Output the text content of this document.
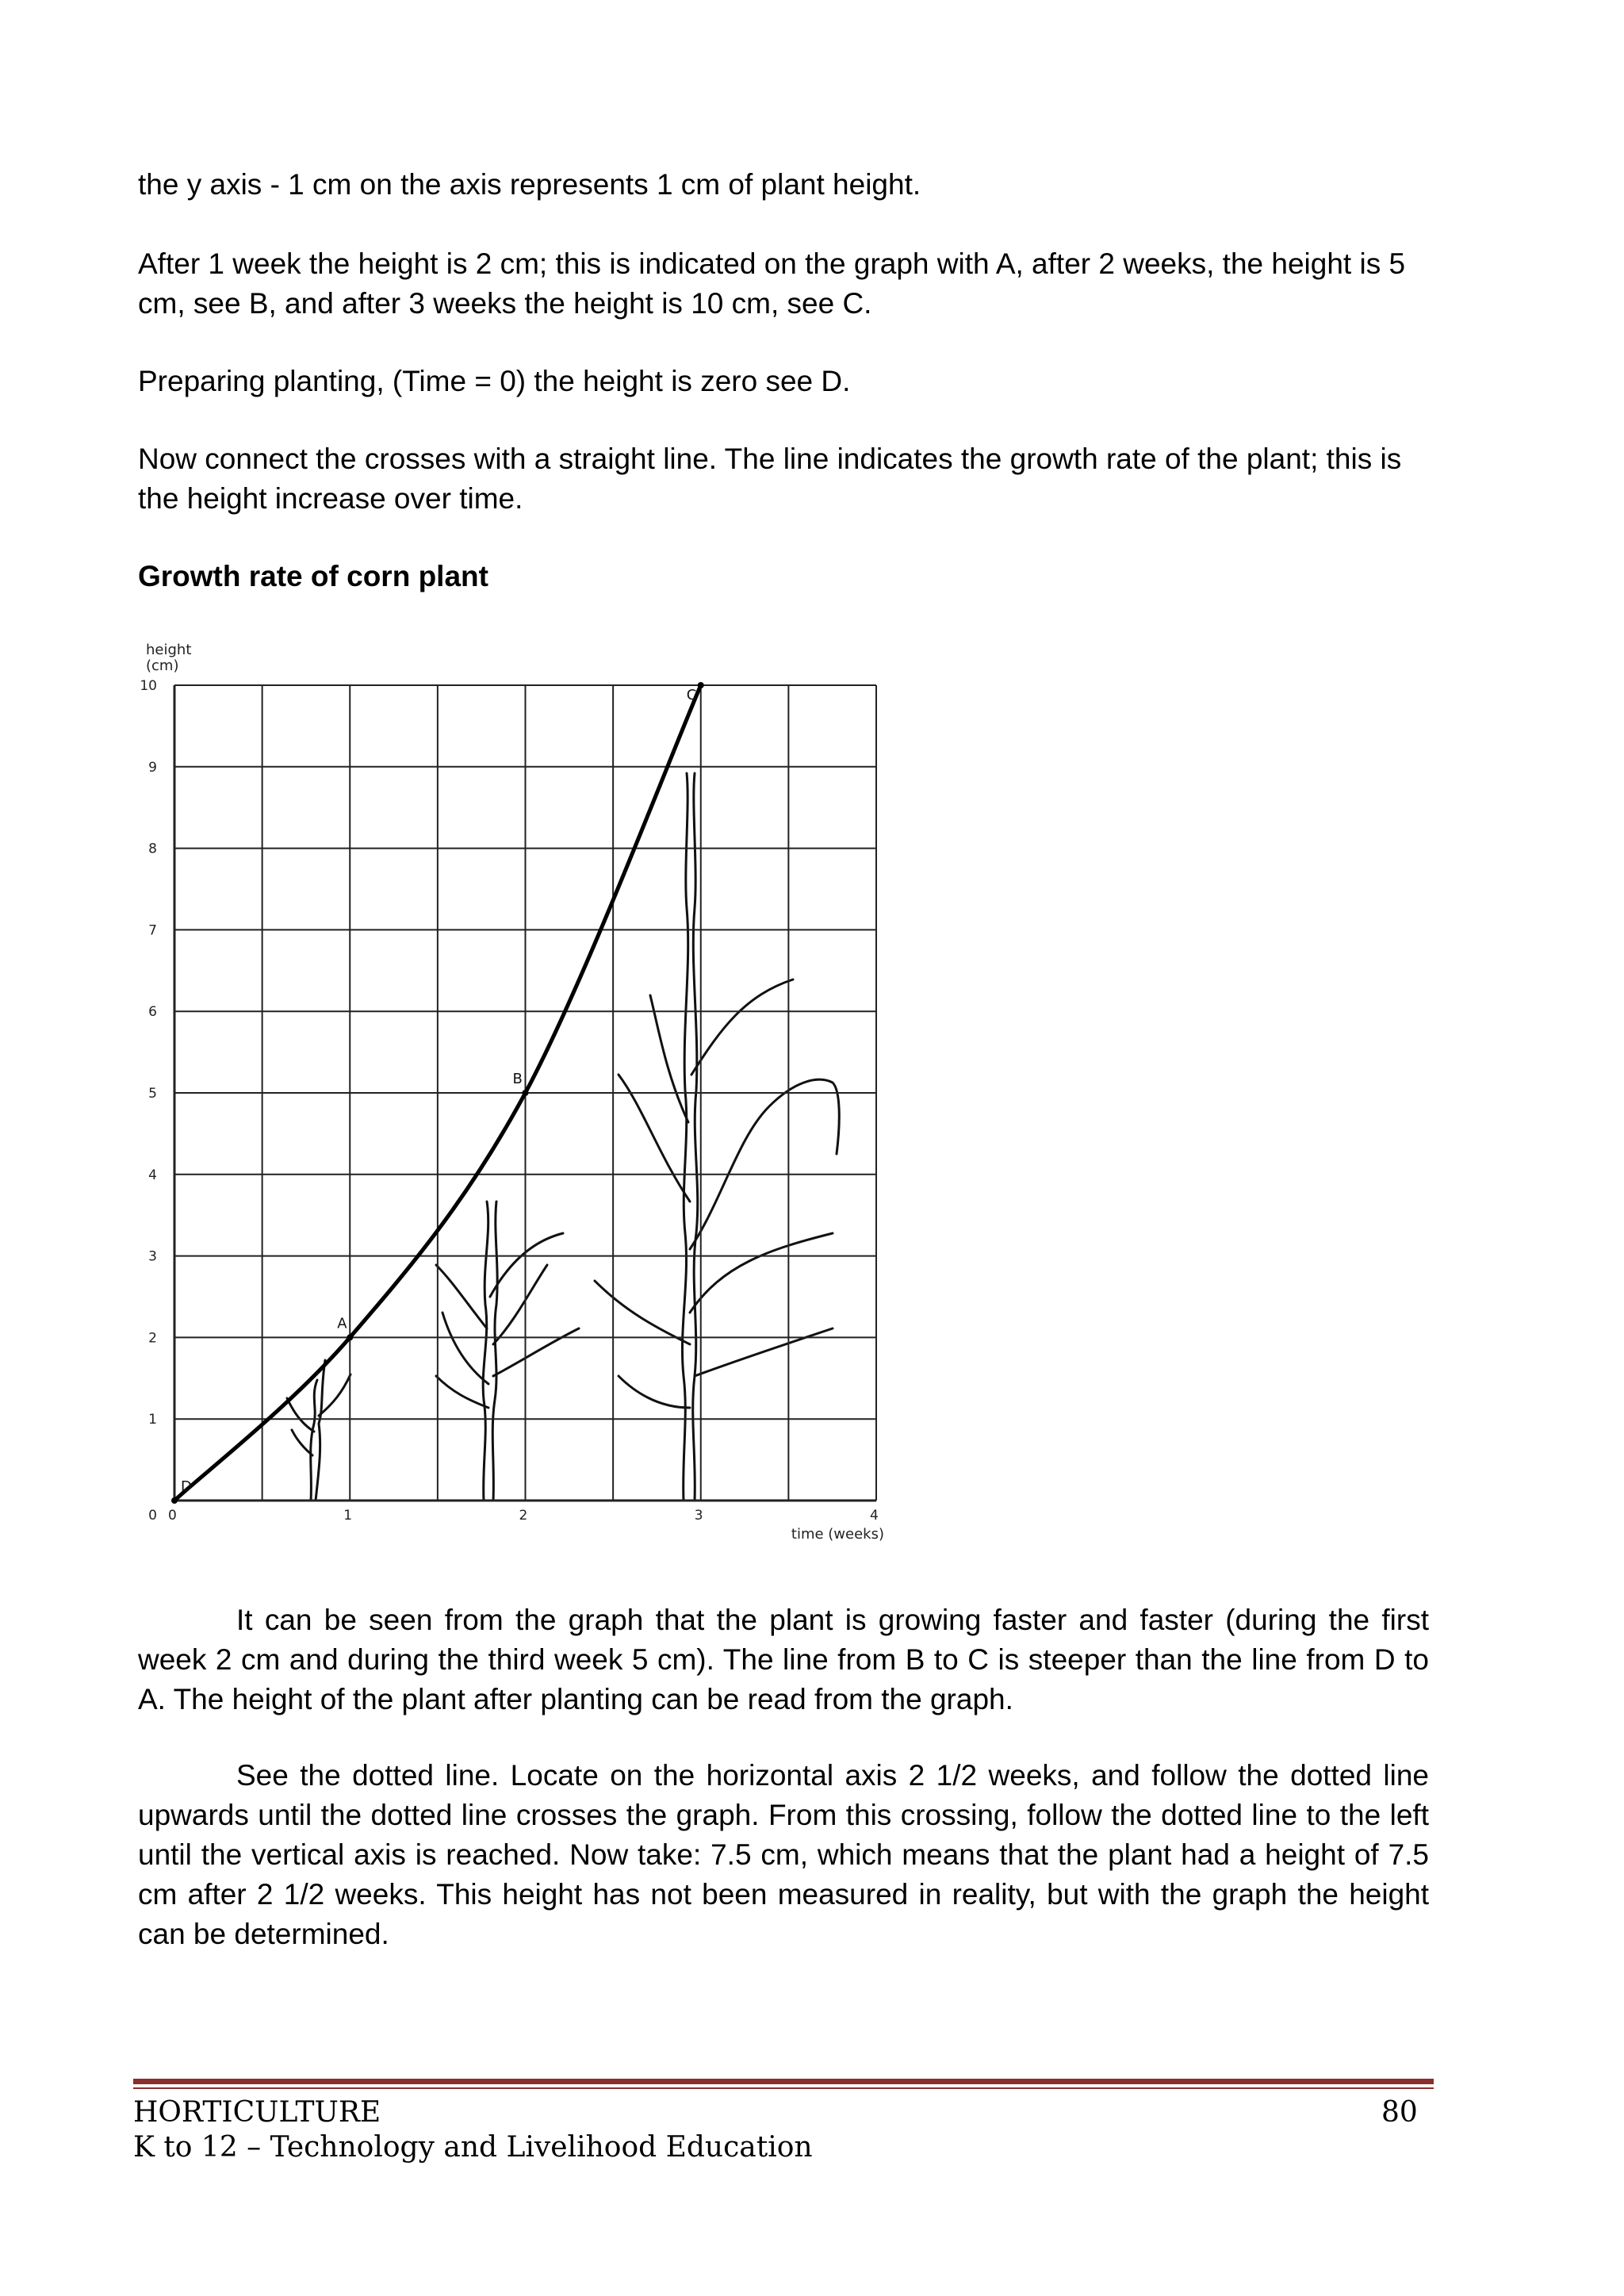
the y axis - 1 cm on the axis represents 1 cm of plant height.

After 1 week the height is 2 cm; this is indicated on the graph with A, after 2 weeks, the height is 5 cm, see B, and after 3 weeks the height is 10 cm, see C.

Preparing planting, (Time = 0) the height is zero see D.

Now connect the crosses with a straight line. The line indicates the growth rate of the plant; this is the height increase over time.

Growth rate of corn plant

0	1	2	3	4
1
2
3
4
5
6
7
8
9
10
0
height
(cm)
time (weeks)
D
A
B
C
HORTICULTURE
K to 12 – Technology and Livelihood Education
80

It can be seen from the graph that the plant is growing faster and faster (during the first week 2 cm and during the third week 5 cm). The line from B to C is steeper than the line from D to A. The height of the plant after planting can be read from the graph.

See the dotted line. Locate on the horizontal axis 2 1/2 weeks, and follow the dotted line upwards until the dotted line crosses the graph. From this crossing, follow the dotted line to the left until the vertical axis is reached. Now take: 7.5 cm, which means that the plant had a height of 7.5 cm after 2 1/2 weeks. This height has not been measured in reality, but with the graph the height can be determined.
